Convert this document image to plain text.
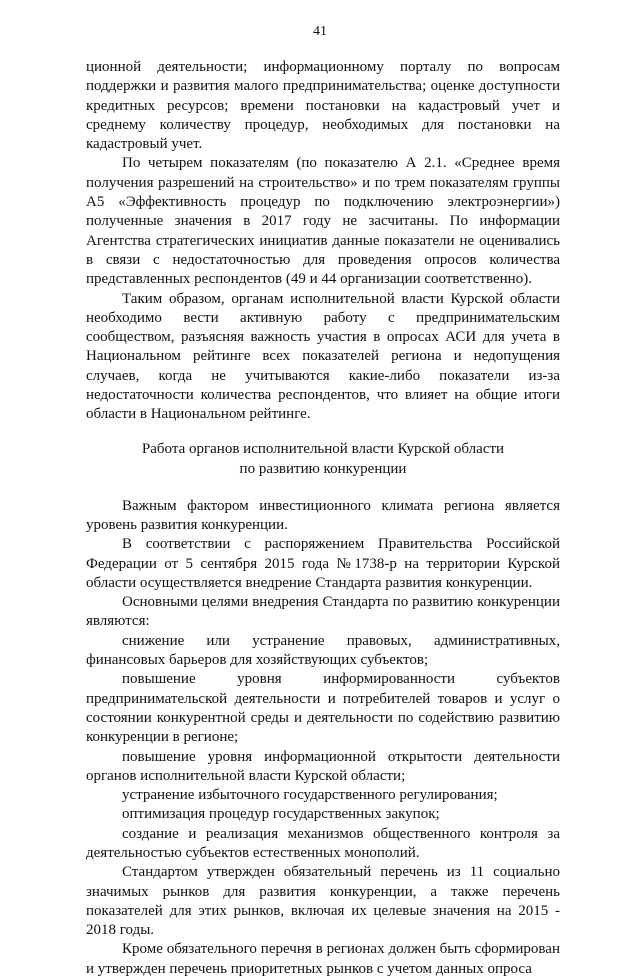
41

ционной деятельности; информационному порталу по вопросам поддержки и развития малого предпринимательства; оценке доступности кредитных ресурсов; времени постановки на кадастровый учет и среднему количеству процедур, необходимых для постановки на кадастровый учет.

По четырем показателям (по показателю А 2.1. «Среднее время получения разрешений на строительство» и по трем показателям группы А5 «Эффективность процедур по подключению электроэнергии») полученные значения в 2017 году не засчитаны. По информации Агентства стратегических инициатив данные показатели не оценивались в связи с недостаточностью для проведения опросов количества представленных респондентов (49 и 44 организации соответственно).

Таким образом, органам исполнительной власти Курской области необходимо вести активную работу с предпринимательским сообществом, разъясняя важность участия в опросах АСИ для учета в Национальном рейтинге всех показателей региона и недопущения случаев, когда не учитываются какие-либо показатели из-за недостаточности количества респондентов, что влияет на общие итоги области в Национальном рейтинге.

Работа органов исполнительной власти Курской области
по развитию конкуренции

Важным фактором инвестиционного климата региона является уровень развития конкуренции.

В соответствии с распоряжением Правительства Российской Федерации от 5 сентября 2015 года №1738-р на территории Курской области осуществляется внедрение Стандарта развития конкуренции.

Основными целями внедрения Стандарта по развитию конкуренции являются:

снижение или устранение правовых, административных, финансовых барьеров для хозяйствующих субъектов;

повышение уровня информированности субъектов предпринимательской деятельности и потребителей товаров и услуг о состоянии конкурентной среды и деятельности по содействию развитию конкуренции в регионе;

повышение уровня информационной открытости деятельности органов исполнительной власти Курской области;

устранение избыточного государственного регулирования;

оптимизация процедур государственных закупок;

создание и реализация механизмов общественного контроля за деятельностью субъектов естественных монополий.

Стандартом утвержден обязательный перечень из 11 социально значимых рынков для развития конкуренции, а также перечень показателей для этих рынков, включая их целевые значения на 2015 - 2018 годы.

Кроме обязательного перечня в регионах должен быть сформирован и утвержден перечень приоритетных рынков с учетом данных опроса
